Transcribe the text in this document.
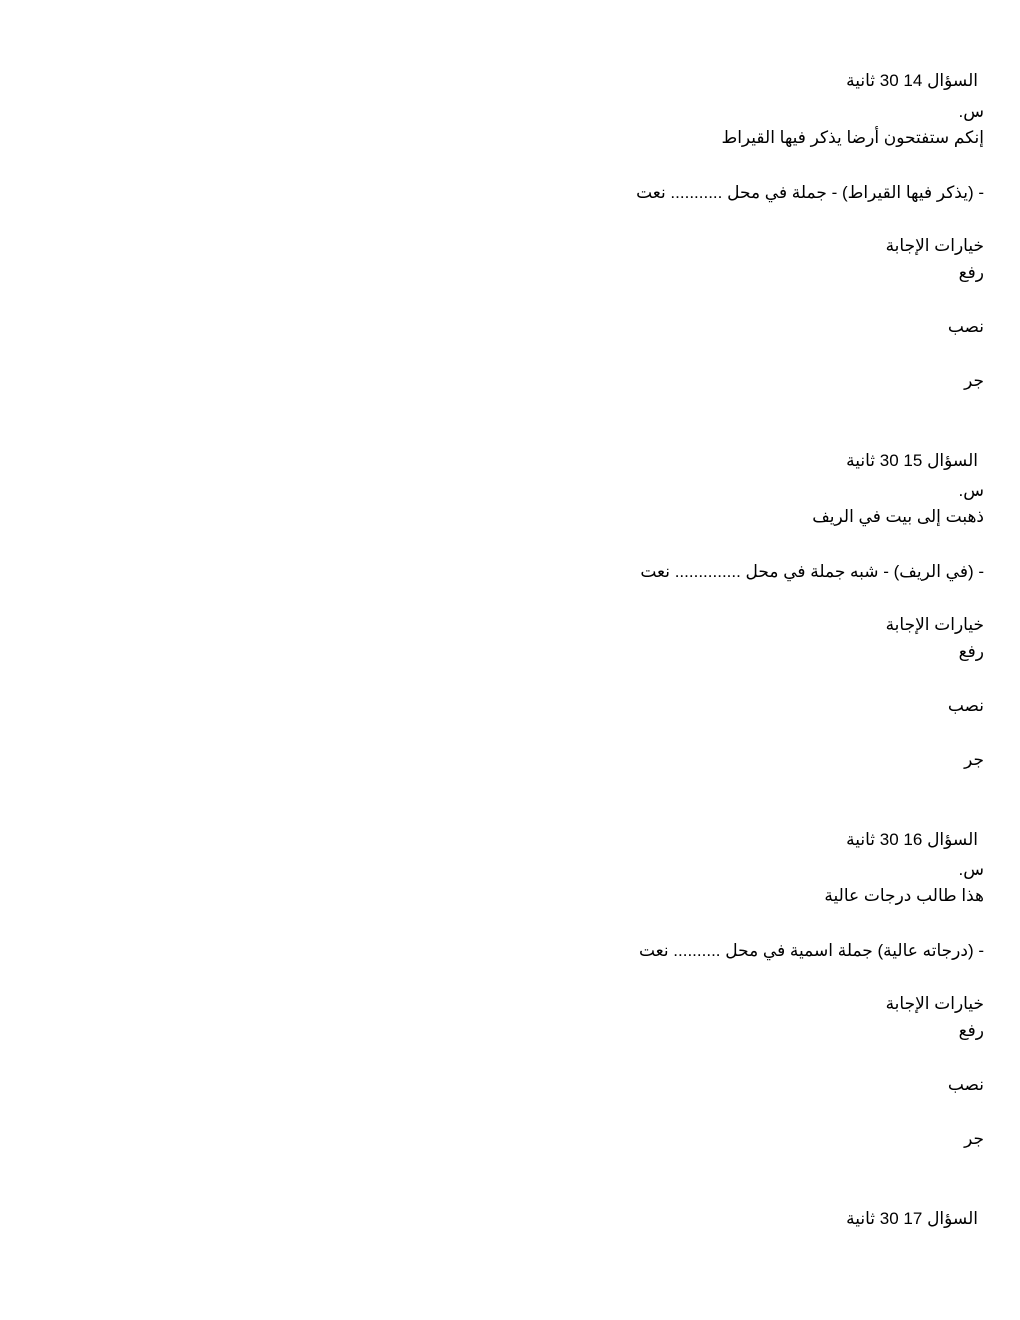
السؤال 14 30 ثانية
س.
إنكم ستفتحون أرضا يذكر فيها القيراط
- (يذكر فيها القيراط) - جملة في محل ........... نعت
خيارات الإجابة
رفع
نصب
جر
السؤال 15 30 ثانية
س.
ذهبت إلى بيت في الريف
- (في الريف) - شبه جملة في محل .............. نعت
خيارات الإجابة
رفع
نصب
جر
السؤال 16 30 ثانية
س.
هذا طالب درجات عالية
- (درجاته عالية) جملة اسمية في محل .......... نعت
خيارات الإجابة
رفع
نصب
جر
السؤال 17 30 ثانية
